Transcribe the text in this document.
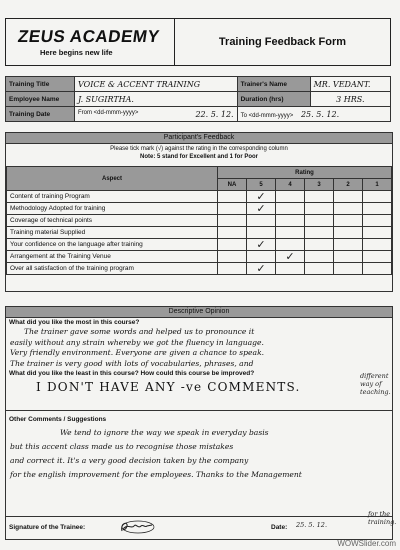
ZEUS ACADEMY
Here begins new life
Training Feedback Form
Training Title	VOICE & ACCENT TRAINING	Trainer's Name	MR. VEDANT.
Employee Name	J. SUGIRTHA.	Duration (hrs)	3 HRS.
Training Date	From <dd-mmm-yyyy> 22. 5. 12.	To <dd-mmm-yyyy> 25. 5. 12.	
Participant's Feedback
Please tick mark (√) against the rating in the corresponding column
Note: 5 stand for Excellent and 1 for Poor
Aspect	Rating					
	NA	5	4	3	2	1
Content of training Program		✓				
Methodology Adopted for training		✓				
Coverage of technical points						
Training material Supplied						
Your confidence on the language after training		✓				
Arrangement at the Training Venue			✓			
Over all satisfaction of the training program		✓				
Descriptive Opinion
What did you like the most in this course?
The trainer gave some words and helped us to pronounce it
easily without any strain whereby we got the fluency in language.
Very friendly environment. Everyone are given a chance to speak.
The trainer is very good with lots of vocabularies, phrases, and
What did you like the least in this course? How could this course be improved?
I DON'T HAVE ANY -ve COMMENTS.
Other Comments / Suggestions
We tend to ignore the way we speak in everyday basis
but this accent class made us to recognise those mistakes
and correct it. It's a very good decision taken by the company
for the english improvement for the employees. Thanks to the Management
Signature of the Trainee:	Date: 25. 5. 12.
different way of teaching.
for the training.
WOWSlider.com
